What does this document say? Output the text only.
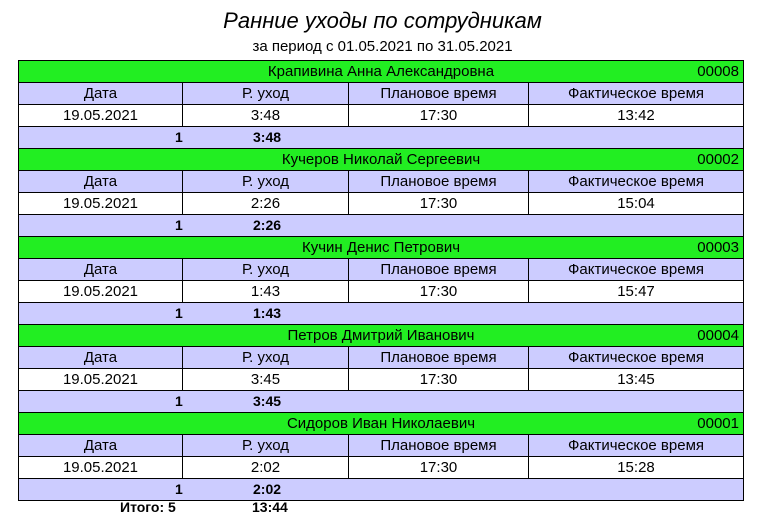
Ранние уходы по сотрудникам
за период с 01.05.2021 по 31.05.2021
Крапивина Анна Александровна	00008
Дата	Р. уход	Плановое время	Фактическое время
19.05.2021	3:48	17:30	13:42
1	3:48
Кучеров Николай Сергеевич	00002
Дата	Р. уход	Плановое время	Фактическое время
19.05.2021	2:26	17:30	15:04
1	2:26
Кучин Денис Петрович	00003
Дата	Р. уход	Плановое время	Фактическое время
19.05.2021	1:43	17:30	15:47
1	1:43
Петров Дмитрий Иванович	00004
Дата	Р. уход	Плановое время	Фактическое время
19.05.2021	3:45	17:30	13:45
1	3:45
Сидоров Иван Николаевич	00001
Дата	Р. уход	Плановое время	Фактическое время
19.05.2021	2:02	17:30	15:28
1	2:02
Итого: 5	13:44
